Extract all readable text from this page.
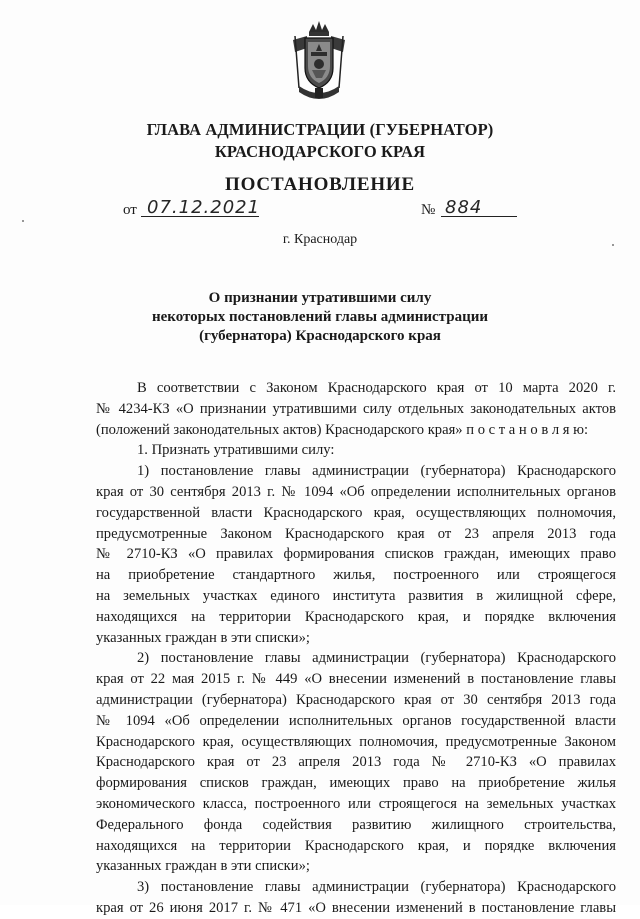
ГЛАВА АДМИНИСТРАЦИИ (ГУБЕРНАТОР)
КРАСНОДАРСКОГО КРАЯ
ПОСТАНОВЛЕНИЕ
от 07.12.2021	№ 884
г. Краснодар
О признании утратившими силу
некоторых постановлений главы администрации
(губернатора) Краснодарского края

В соответствии с Законом Краснодарского края от 10 марта 2020 г.

№ 4234-КЗ «О признании утратившими силу отдельных законодательных актов

(положений законодательных актов) Краснодарского края» п о с т а н о в л я ю:

1. Признать утратившими силу:

1) постановление главы администрации (губернатора) Краснодарского

края от 30 сентября 2013 г. № 1094 «Об определении исполнительных органов

государственной власти Краснодарского края, осуществляющих полномочия,

предусмотренные Законом Краснодарского края от 23 апреля 2013 года

№ 2710-КЗ «О правилах формирования списков граждан, имеющих право

на приобретение стандартного жилья, построенного или строящегося

на земельных участках единого института развития в жилищной сфере,

находящихся на территории Краснодарского края, и порядке включения

указанных граждан в эти списки»;

2) постановление главы администрации (губернатора) Краснодарского

края от 22 мая 2015 г. № 449 «О внесении изменений в постановление главы

администрации (губернатора) Краснодарского края от 30 сентября 2013 года

№ 1094 «Об определении исполнительных органов государственной власти

Краснодарского края, осуществляющих полномочия, предусмотренные Законом

Краснодарского края от 23 апреля 2013 года № 2710-КЗ «О правилах

формирования списков граждан, имеющих право на приобретение жилья

экономического класса, построенного или строящегося на земельных участках

Федерального фонда содействия развитию жилищного строительства,

находящихся на территории Краснодарского края, и порядке включения

указанных граждан в эти списки»;

3) постановление главы администрации (губернатора) Краснодарского

края от 26 июня 2017 г. № 471 «О внесении изменений в постановление главы
